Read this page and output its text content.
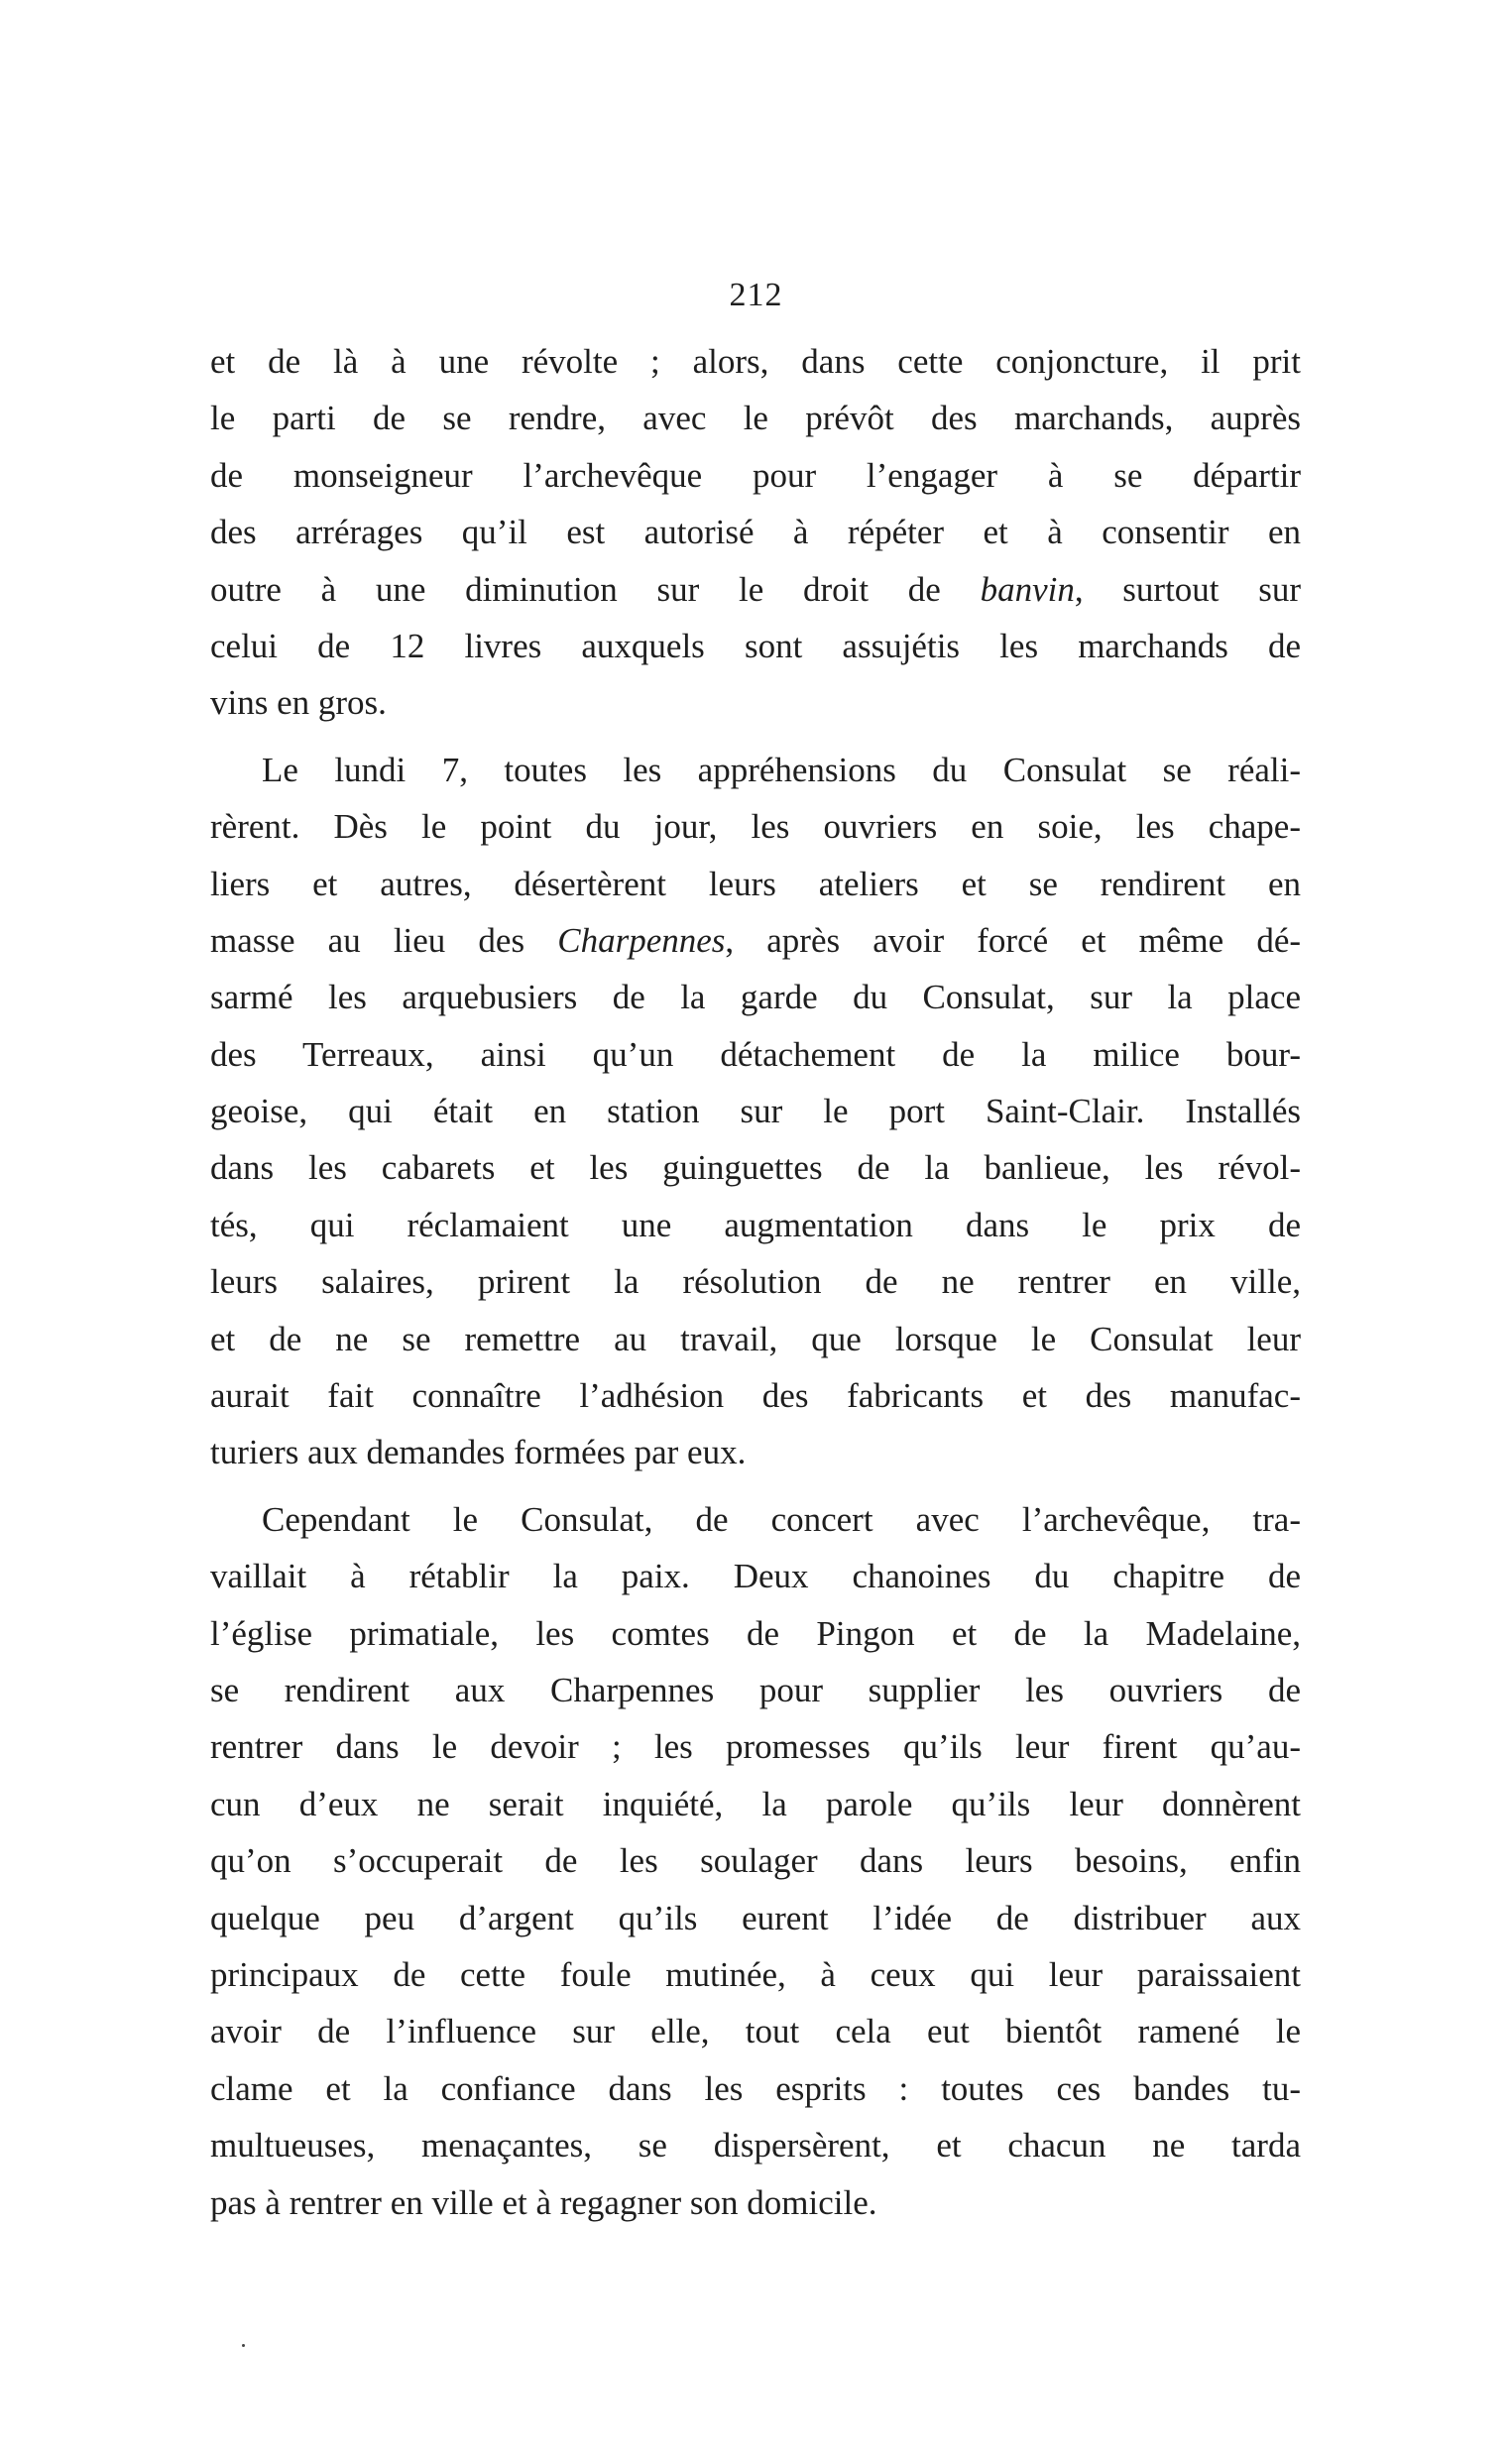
212
et de là à une révolte ; alors, dans cette conjoncture, il prit
le parti de se rendre, avec le prévôt des marchands, auprès
de monseigneur l’archevêque pour l’engager à se départir
des arrérages qu’il est autorisé à répéter et à consentir en
outre à une diminution sur le droit de banvin, surtout sur
celui de 12 livres auxquels sont assujétis les marchands de
vins en gros.
Le lundi 7, toutes les appréhensions du Consulat se réali-
rèrent. Dès le point du jour, les ouvriers en soie, les chape-
liers et autres, désertèrent leurs ateliers et se rendirent en
masse au lieu des Charpennes, après avoir forcé et même dé-
sarmé les arquebusiers de la garde du Consulat, sur la place
des Terreaux, ainsi qu’un détachement de la milice bour-
geoise, qui était en station sur le port Saint-Clair. Installés
dans les cabarets et les guinguettes de la banlieue, les révol-
tés, qui réclamaient une augmentation dans le prix de
leurs salaires, prirent la résolution de ne rentrer en ville,
et de ne se remettre au travail, que lorsque le Consulat leur
aurait fait connaître l’adhésion des fabricants et des manufac-
turiers aux demandes formées par eux.
Cependant le Consulat, de concert avec l’archevêque, tra-
vaillait à rétablir la paix. Deux chanoines du chapitre de
l’église primatiale, les comtes de Pingon et de la Madelaine,
se rendirent aux Charpennes pour supplier les ouvriers de
rentrer dans le devoir ; les promesses qu’ils leur firent qu’au-
cun d’eux ne serait inquiété, la parole qu’ils leur donnèrent
qu’on s’occuperait de les soulager dans leurs besoins, enfin
quelque peu d’argent qu’ils eurent l’idée de distribuer aux
principaux de cette foule mutinée, à ceux qui leur paraissaient
avoir de l’influence sur elle, tout cela eut bientôt ramené le
clame et la confiance dans les esprits : toutes ces bandes tu-
multueuses, menaçantes, se dispersèrent, et chacun ne tarda
pas à rentrer en ville et à regagner son domicile.
